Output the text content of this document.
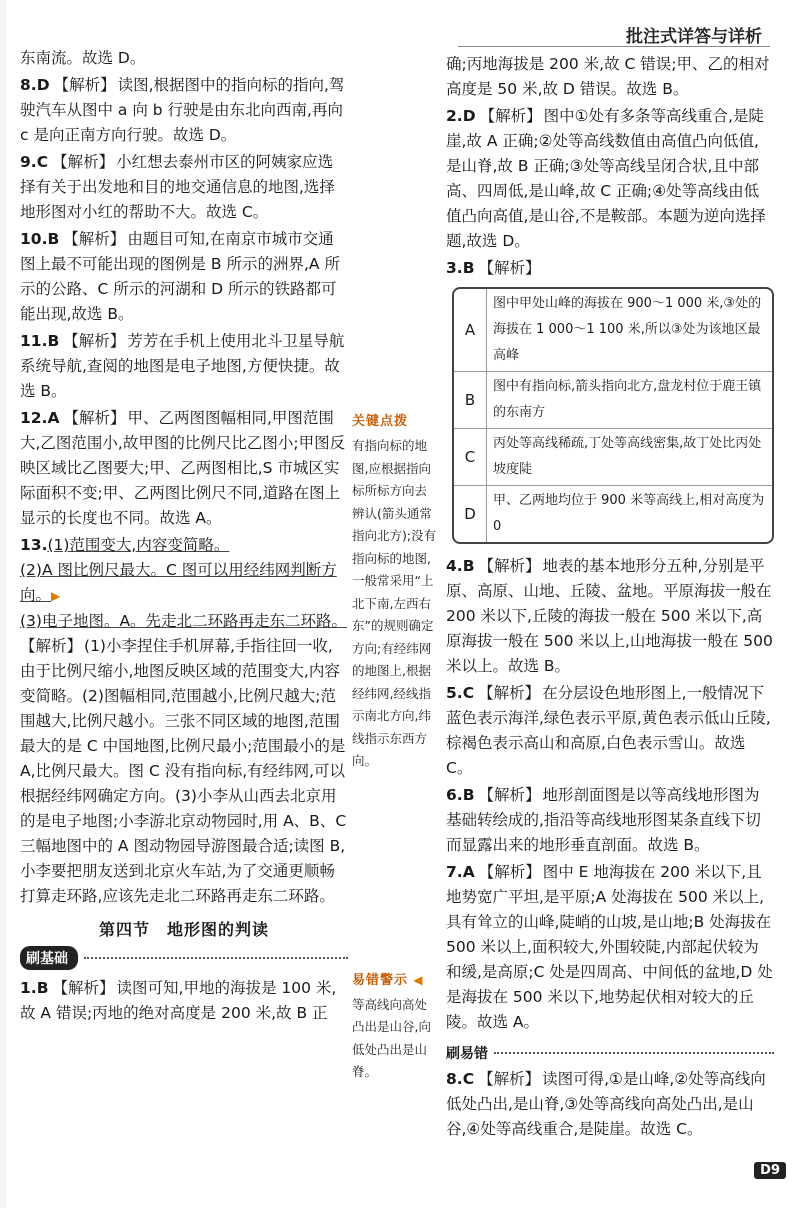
批注式详答与详析

东南流。故选 D。

8.D 【解析】 读图,根据图中的指向标的指向,驾驶汽车从图中 a 向 b 行驶是由东北向西南,再向 c 是向正南方向行驶。故选 D。

9.C 【解析】 小红想去泰州市区的阿姨家应选择有关于出发地和目的地交通信息的地图,选择地形图对小红的帮助不大。故选 C。

10.B 【解析】 由题目可知,在南京市城市交通图上最不可能出现的图例是 B 所示的洲界,A 所示的公路、C 所示的河湖和 D 所示的铁路都可能出现,故选 B。

11.B 【解析】 芳芳在手机上使用北斗卫星导航系统导航,查阅的地图是电子地图,方便快捷。故选 B。

12.A 【解析】 甲、乙两图图幅相同,甲图范围大,乙图范围小,故甲图的比例尺比乙图小;甲图反映区域比乙图要大;甲、乙两图相比,S 市城区实际面积不变;甲、乙两图比例尺不同,道路在图上显示的长度也不同。故选 A。

13.(1)范围变大,内容变简略。

(2)A 图比例尺最大。C 图可以用经纬网判断方向。▶

(3)电子地图。A。先走北二环路再走东二环路。

【解析】 (1)小李捏住手机屏幕,手指往回一收,由于比例尺缩小,地图反映区域的范围变大,内容变简略。(2)图幅相同,范围越小,比例尺越大;范围越大,比例尺越小。三张不同区域的地图,范围最大的是 C 中国地图,比例尺最小;范围最小的是 A,比例尺最大。图 C 没有指向标,有经纬网,可以根据经纬网确定方向。(3)小李从山西去北京用的是电子地图;小李游北京动物园时,用 A、B、C 三幅地图中的 A 图动物园导游图最合适;读图 B,小李要把朋友送到北京火车站,为了交通更顺畅打算走环路,应该先走北二环路再走东二环路。

第四节　地形图的判读
刷基础

1.B 【解析】 读图可知,甲地的海拔是 100 米,故 A 错误;丙地的绝对高度是 200 米,故 B 正

关键点拨

有指向标的地图,应根据指向标所标方向去辨认(箭头通常指向北方);没有指向标的地图,一般常采用“上北下南,左西右东”的规则确定方向;有经纬网的地图上,根据经纬网,经线指示南北方向,纬线指示东西方向。

易错警示 ◀

等高线向高处凸出是山谷,向低处凸出是山脊。

确;丙地海拔是 200 米,故 C 错误;甲、乙的相对高度是 50 米,故 D 错误。故选 B。

2.D 【解析】 图中①处有多条等高线重合,是陡崖,故 A 正确;②处等高线数值由高值凸向低值,是山脊,故 B 正确;③处等高线呈闭合状,且中部高、四周低,是山峰,故 C 正确;④处等高线由低值凸向高值,是山谷,不是鞍部。本题为逆向选择题,故选 D。

3.B 【解析】

A
图中甲处山峰的海拔在 900～1 000 米,③处的海拔在 1 000～1 100 米,所以③处为该地区最高峰
B
图中有指向标,箭头指向北方,盘龙村位于鹿王镇的东南方
C
丙处等高线稀疏,丁处等高线密集,故丁处比丙处坡度陡
D
甲、乙两地均位于 900 米等高线上,相对高度为 0

4.B 【解析】 地表的基本地形分五种,分别是平原、高原、山地、丘陵、盆地。平原海拔一般在 200 米以下,丘陵的海拔一般在 500 米以下,高原海拔一般在 500 米以上,山地海拔一般在 500 米以上。故选 B。

5.C 【解析】 在分层设色地形图上,一般情况下蓝色表示海洋,绿色表示平原,黄色表示低山丘陵,棕褐色表示高山和高原,白色表示雪山。故选 C。

6.B 【解析】 地形剖面图是以等高线地形图为基础转绘成的,指沿等高线地形图某条直线下切而显露出来的地形垂直剖面。故选 B。

7.A 【解析】 图中 E 地海拔在 200 米以下,且地势宽广平坦,是平原;A 处海拔在 500 米以上,具有耸立的山峰,陡峭的山坡,是山地;B 处海拔在 500 米以上,面积较大,外围较陡,内部起伏较为和缓,是高原;C 处是四周高、中间低的盆地,D 处是海拔在 500 米以下,地势起伏相对较大的丘陵。故选 A。

刷易错

8.C 【解析】 读图可得,①是山峰,②处等高线向低处凸出,是山脊,③处等高线向高处凸出,是山谷,④处等高线重合,是陡崖。故选 C。

D9
